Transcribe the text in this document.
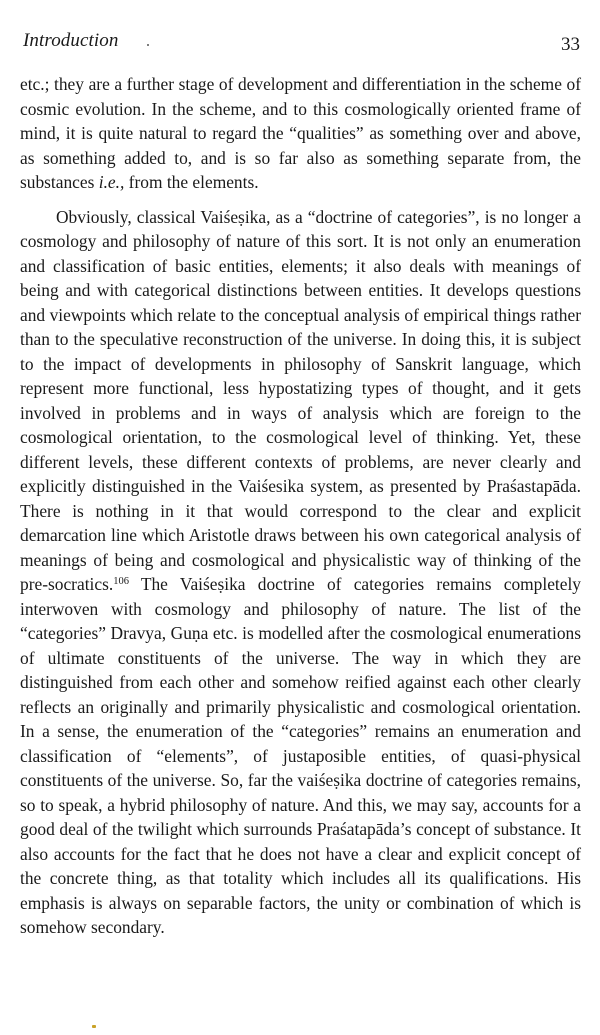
Introduction	33

etc.; they are a further stage of development and differentiation in the scheme of cosmic evolution. In the scheme, and to this cosmologically oriented frame of mind, it is quite natural to regard the “qualities” as something over and above, as something added to, and is so far also as something separate from, the substances i.e., from the elements.

Obviously, classical Vaiśeṣika, as a “doctrine of categories”, is no longer a cosmology and philosophy of nature of this sort. It is not only an enumeration and classification of basic entities, elements; it also deals with meanings of being and with categorical distinctions between entities. It develops questions and viewpoints which relate to the conceptual analysis of empirical things rather than to the speculative reconstruction of the universe. In doing this, it is subject to the impact of developments in philosophy of Sanskrit language, which represent more functional, less hypostatizing types of thought, and it gets involved in problems and in ways of analysis which are foreign to the cosmological orientation, to the cosmological level of thinking. Yet, these different levels, these different contexts of problems, are never clearly and explicitly distinguished in the Vaiśesika system, as presented by Praśastapāda. There is nothing in it that would correspond to the clear and explicit demarcation line which Aristotle draws between his own categorical analysis of meanings of being and cosmological and physicalistic way of thinking of the pre-socratics.$^{106}$ The Vaiśeṣika doctrine of categories remains completely interwoven with cosmology and philosophy of nature. The list of the “categories” Dravya, Guṇa etc. is modelled after the cosmological enumerations of ultimate constituents of the universe. The way in which they are distinguished from each other and somehow reified against each other clearly reflects an originally and primarily physicalistic and cosmological orientation. In a sense, the enumeration of the “categories” remains an enumeration and classification of “elements”, of justaposible entities, of quasi-physical constituents of the universe. So, far the vaiśeṣika doctrine of categories remains, so to speak, a hybrid philosophy of nature. And this, we may say, accounts for a good deal of the twilight which surrounds Praśatapāda’s concept of substance. It also accounts for the fact that he does not have a clear and explicit concept of the concrete thing, as that totality which includes all its qualifications. His emphasis is always on separable factors, the unity or combination of which is somehow secondary.
